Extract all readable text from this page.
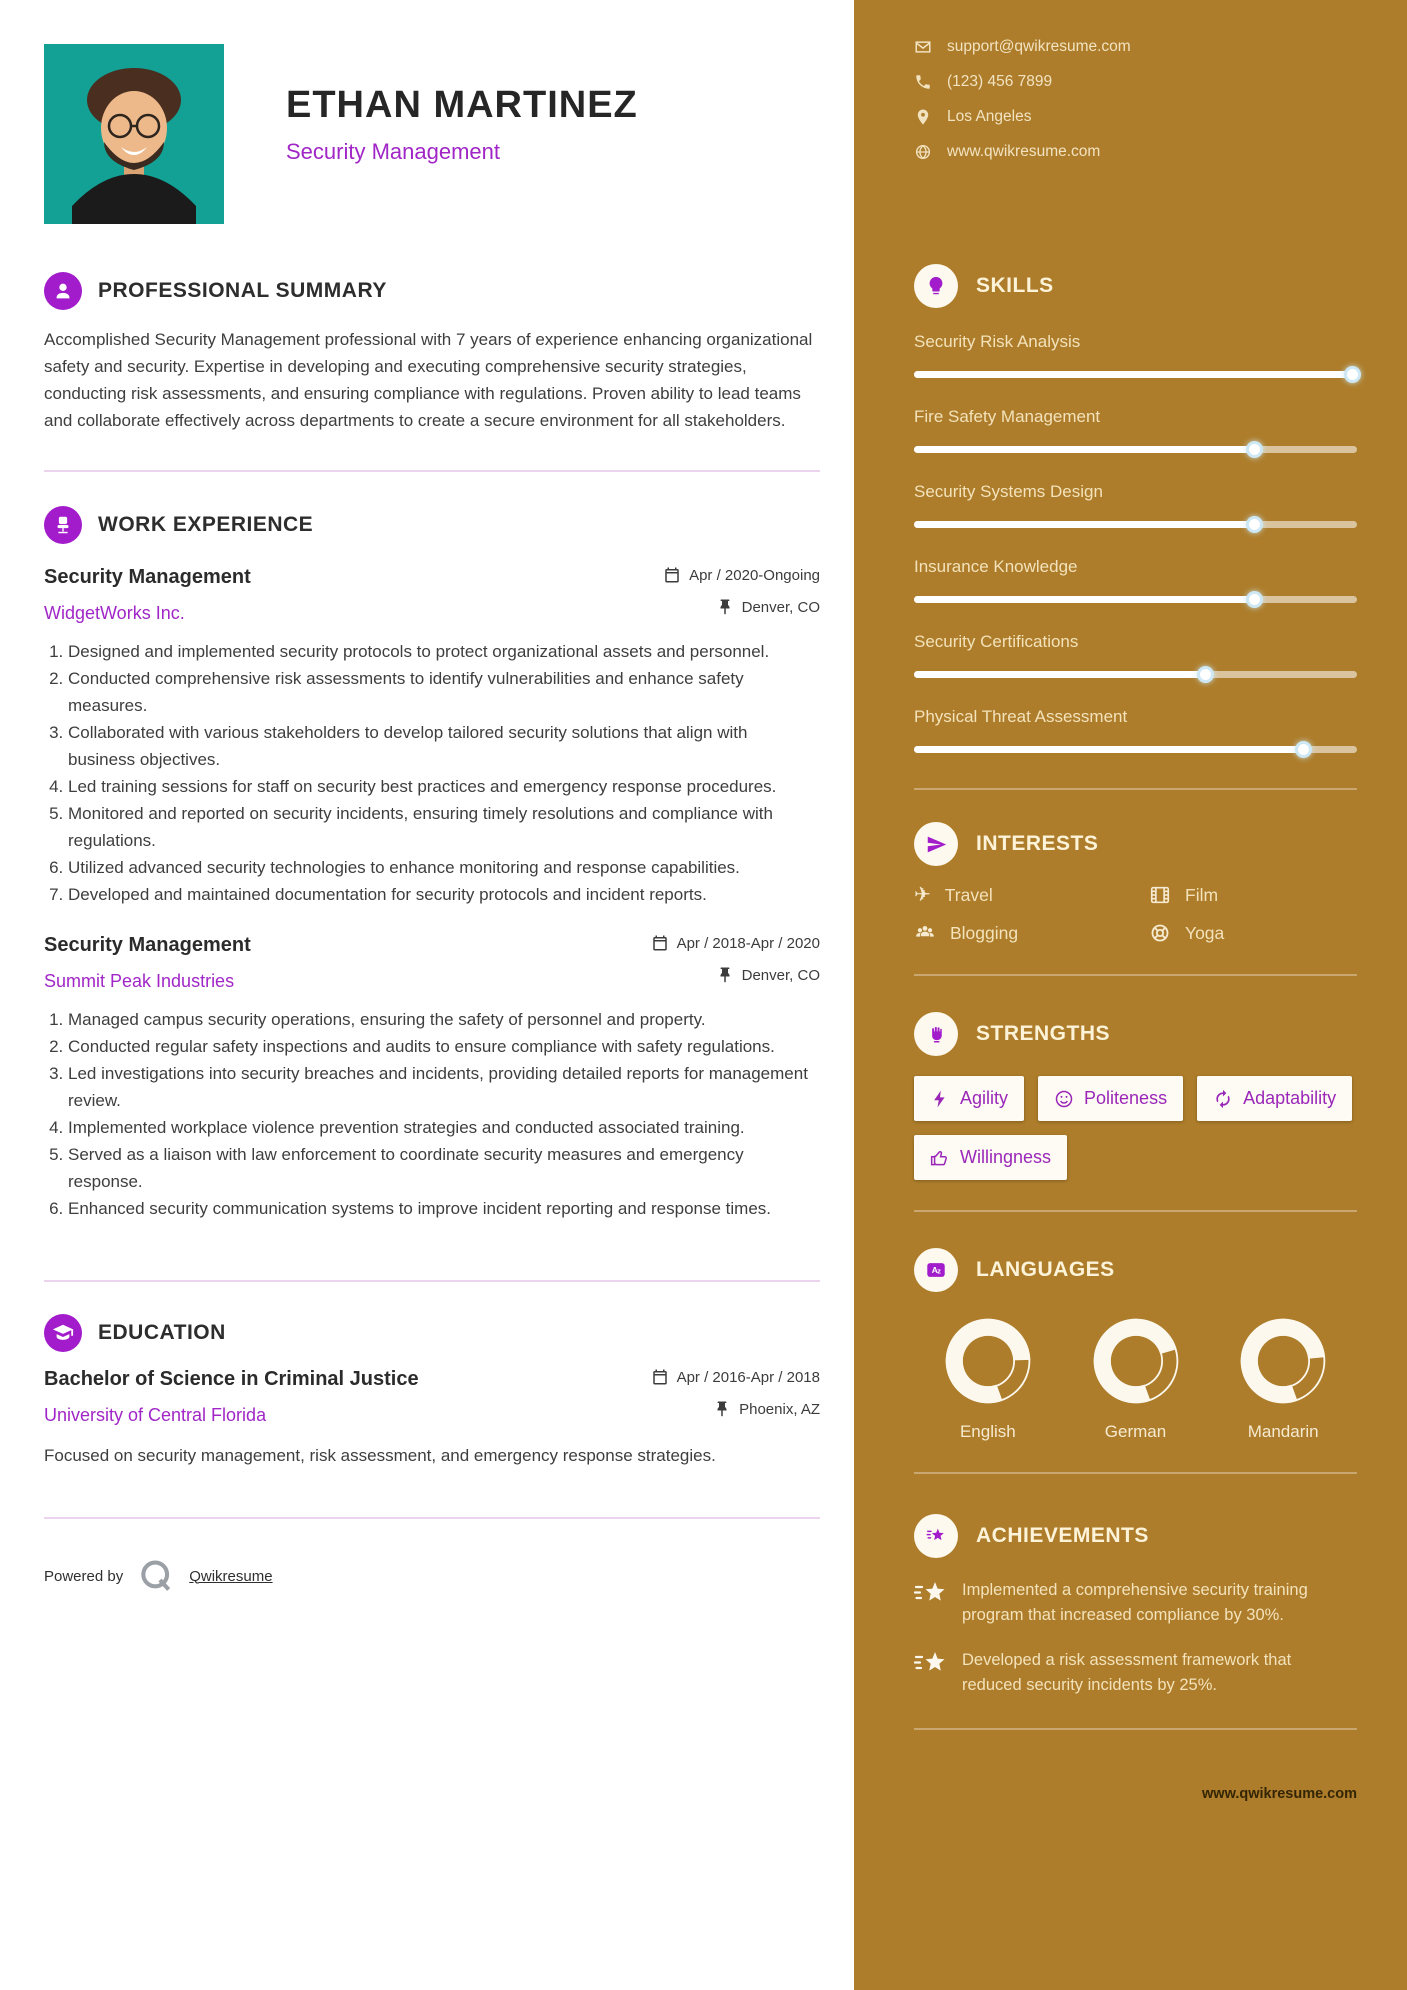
ETHAN MARTINEZ
Security Management
PROFESSIONAL SUMMARY

Accomplished Security Management professional with 7 years of experience enhancing organizational safety and security. Expertise in developing and executing comprehensive security strategies, conducting risk assessments, and ensuring compliance with regulations. Proven ability to lead teams and collaborate effectively across departments to create a secure environment for all stakeholders.

WORK EXPERIENCE
Security Management
WidgetWorks Inc.
Apr / 2020-Ongoing
Denver, CO
1. Designed and implemented security protocols to protect organizational assets and personnel.
2. Conducted comprehensive risk assessments to identify vulnerabilities and enhance safety measures.
3. Collaborated with various stakeholders to develop tailored security solutions that align with business objectives.
4. Led training sessions for staff on security best practices and emergency response procedures.
5. Monitored and reported on security incidents, ensuring timely resolutions and compliance with regulations.
6. Utilized advanced security technologies to enhance monitoring and response capabilities.
7. Developed and maintained documentation for security protocols and incident reports.
Security Management
Summit Peak Industries
Apr / 2018-Apr / 2020
Denver, CO
1. Managed campus security operations, ensuring the safety of personnel and property.
2. Conducted regular safety inspections and audits to ensure compliance with safety regulations.
3. Led investigations into security breaches and incidents, providing detailed reports for management review.
4. Implemented workplace violence prevention strategies and conducted associated training.
5. Served as a liaison with law enforcement to coordinate security measures and emergency response.
6. Enhanced security communication systems to improve incident reporting and response times.
EDUCATION
Bachelor of Science in Criminal Justice
University of Central Florida
Apr / 2016-Apr / 2018
Phoenix, AZ

Focused on security management, risk assessment, and emergency response strategies.

Powered by	Qwikresume
support@qwikresume.com
(123) 456 7899
Los Angeles
www.qwikresume.com
SKILLS
Security Risk Analysis
Fire Safety Management
Security Systems Design
Insurance Knowledge
Security Certifications
Physical Threat Assessment
INTERESTS
✈ Travel	Film
Blogging	Yoga
STRENGTHS
Agility	Politeness	Adaptability
Willingness
A z LANGUAGES
English	German	Mandarin
ACHIEVEMENTS

Implemented a comprehensive security training program that increased compliance by 30%.

Developed a risk assessment framework that reduced security incidents by 25%.

www.qwikresume.com
